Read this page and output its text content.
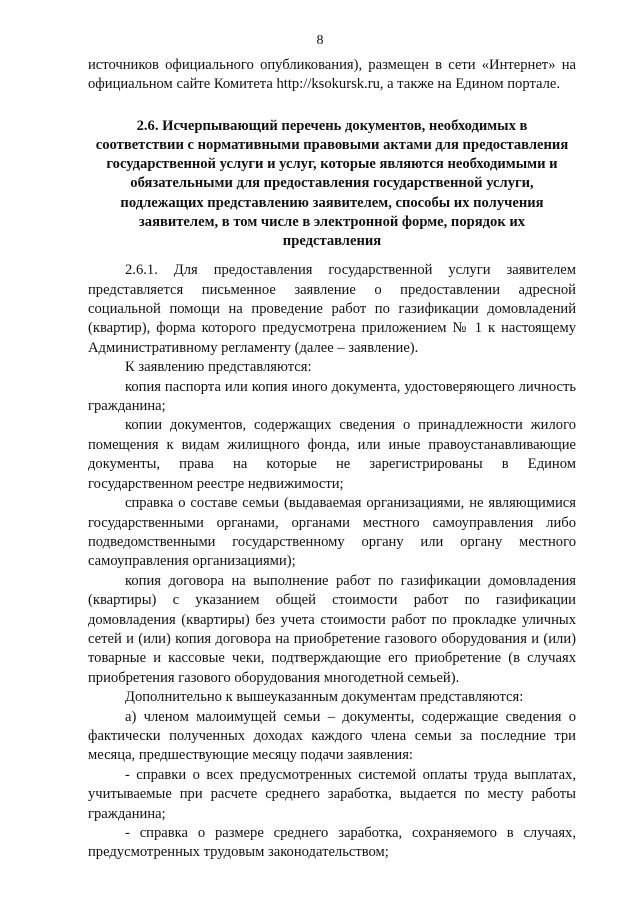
8

источников официального опубликования), размещен в сети «Интернет» на официальном сайте Комитета http://ksokursk.ru, а также на Едином портале.

2.6. Исчерпывающий перечень документов, необходимых в соответствии с нормативными правовыми актами для предоставления государственной услуги и услуг, которые являются необходимыми и обязательными для предоставления государственной услуги, подлежащих представлению заявителем, способы их получения заявителем, в том числе в электронной форме, порядок их представления

2.6.1. Для предоставления государственной услуги заявителем представляется письменное заявление о предоставлении адресной социальной помощи на проведение работ по газификации домовладений (квартир), форма которого предусмотрена приложением № 1 к настоящему Административному регламенту (далее – заявление).

К заявлению представляются:

копия паспорта или копия иного документа, удостоверяющего личность гражданина;

копии документов, содержащих сведения о принадлежности жилого помещения к видам жилищного фонда, или иные правоустанавливающие документы, права на которые не зарегистрированы в Едином государственном реестре недвижимости;

справка о составе семьи (выдаваемая организациями, не являющимися государственными органами, органами местного самоуправления либо подведомственными государственному органу или органу местного самоуправления организациями);

копия договора на выполнение работ по газификации домовладения (квартиры) с указанием общей стоимости работ по газификации домовладения (квартиры) без учета стоимости работ по прокладке уличных сетей и (или) копия договора на приобретение газового оборудования и (или) товарные и кассовые чеки, подтверждающие его приобретение (в случаях приобретения газового оборудования многодетной семьей).

Дополнительно к вышеуказанным документам представляются:

а) членом малоимущей семьи – документы, содержащие сведения о фактически полученных доходах каждого члена семьи за последние три месяца, предшествующие месяцу подачи заявления:

- справки о всех предусмотренных системой оплаты труда выплатах, учитываемые при расчете среднего заработка, выдается по месту работы гражданина;

- справка о размере среднего заработка, сохраняемого в случаях, предусмотренных трудовым законодательством;
